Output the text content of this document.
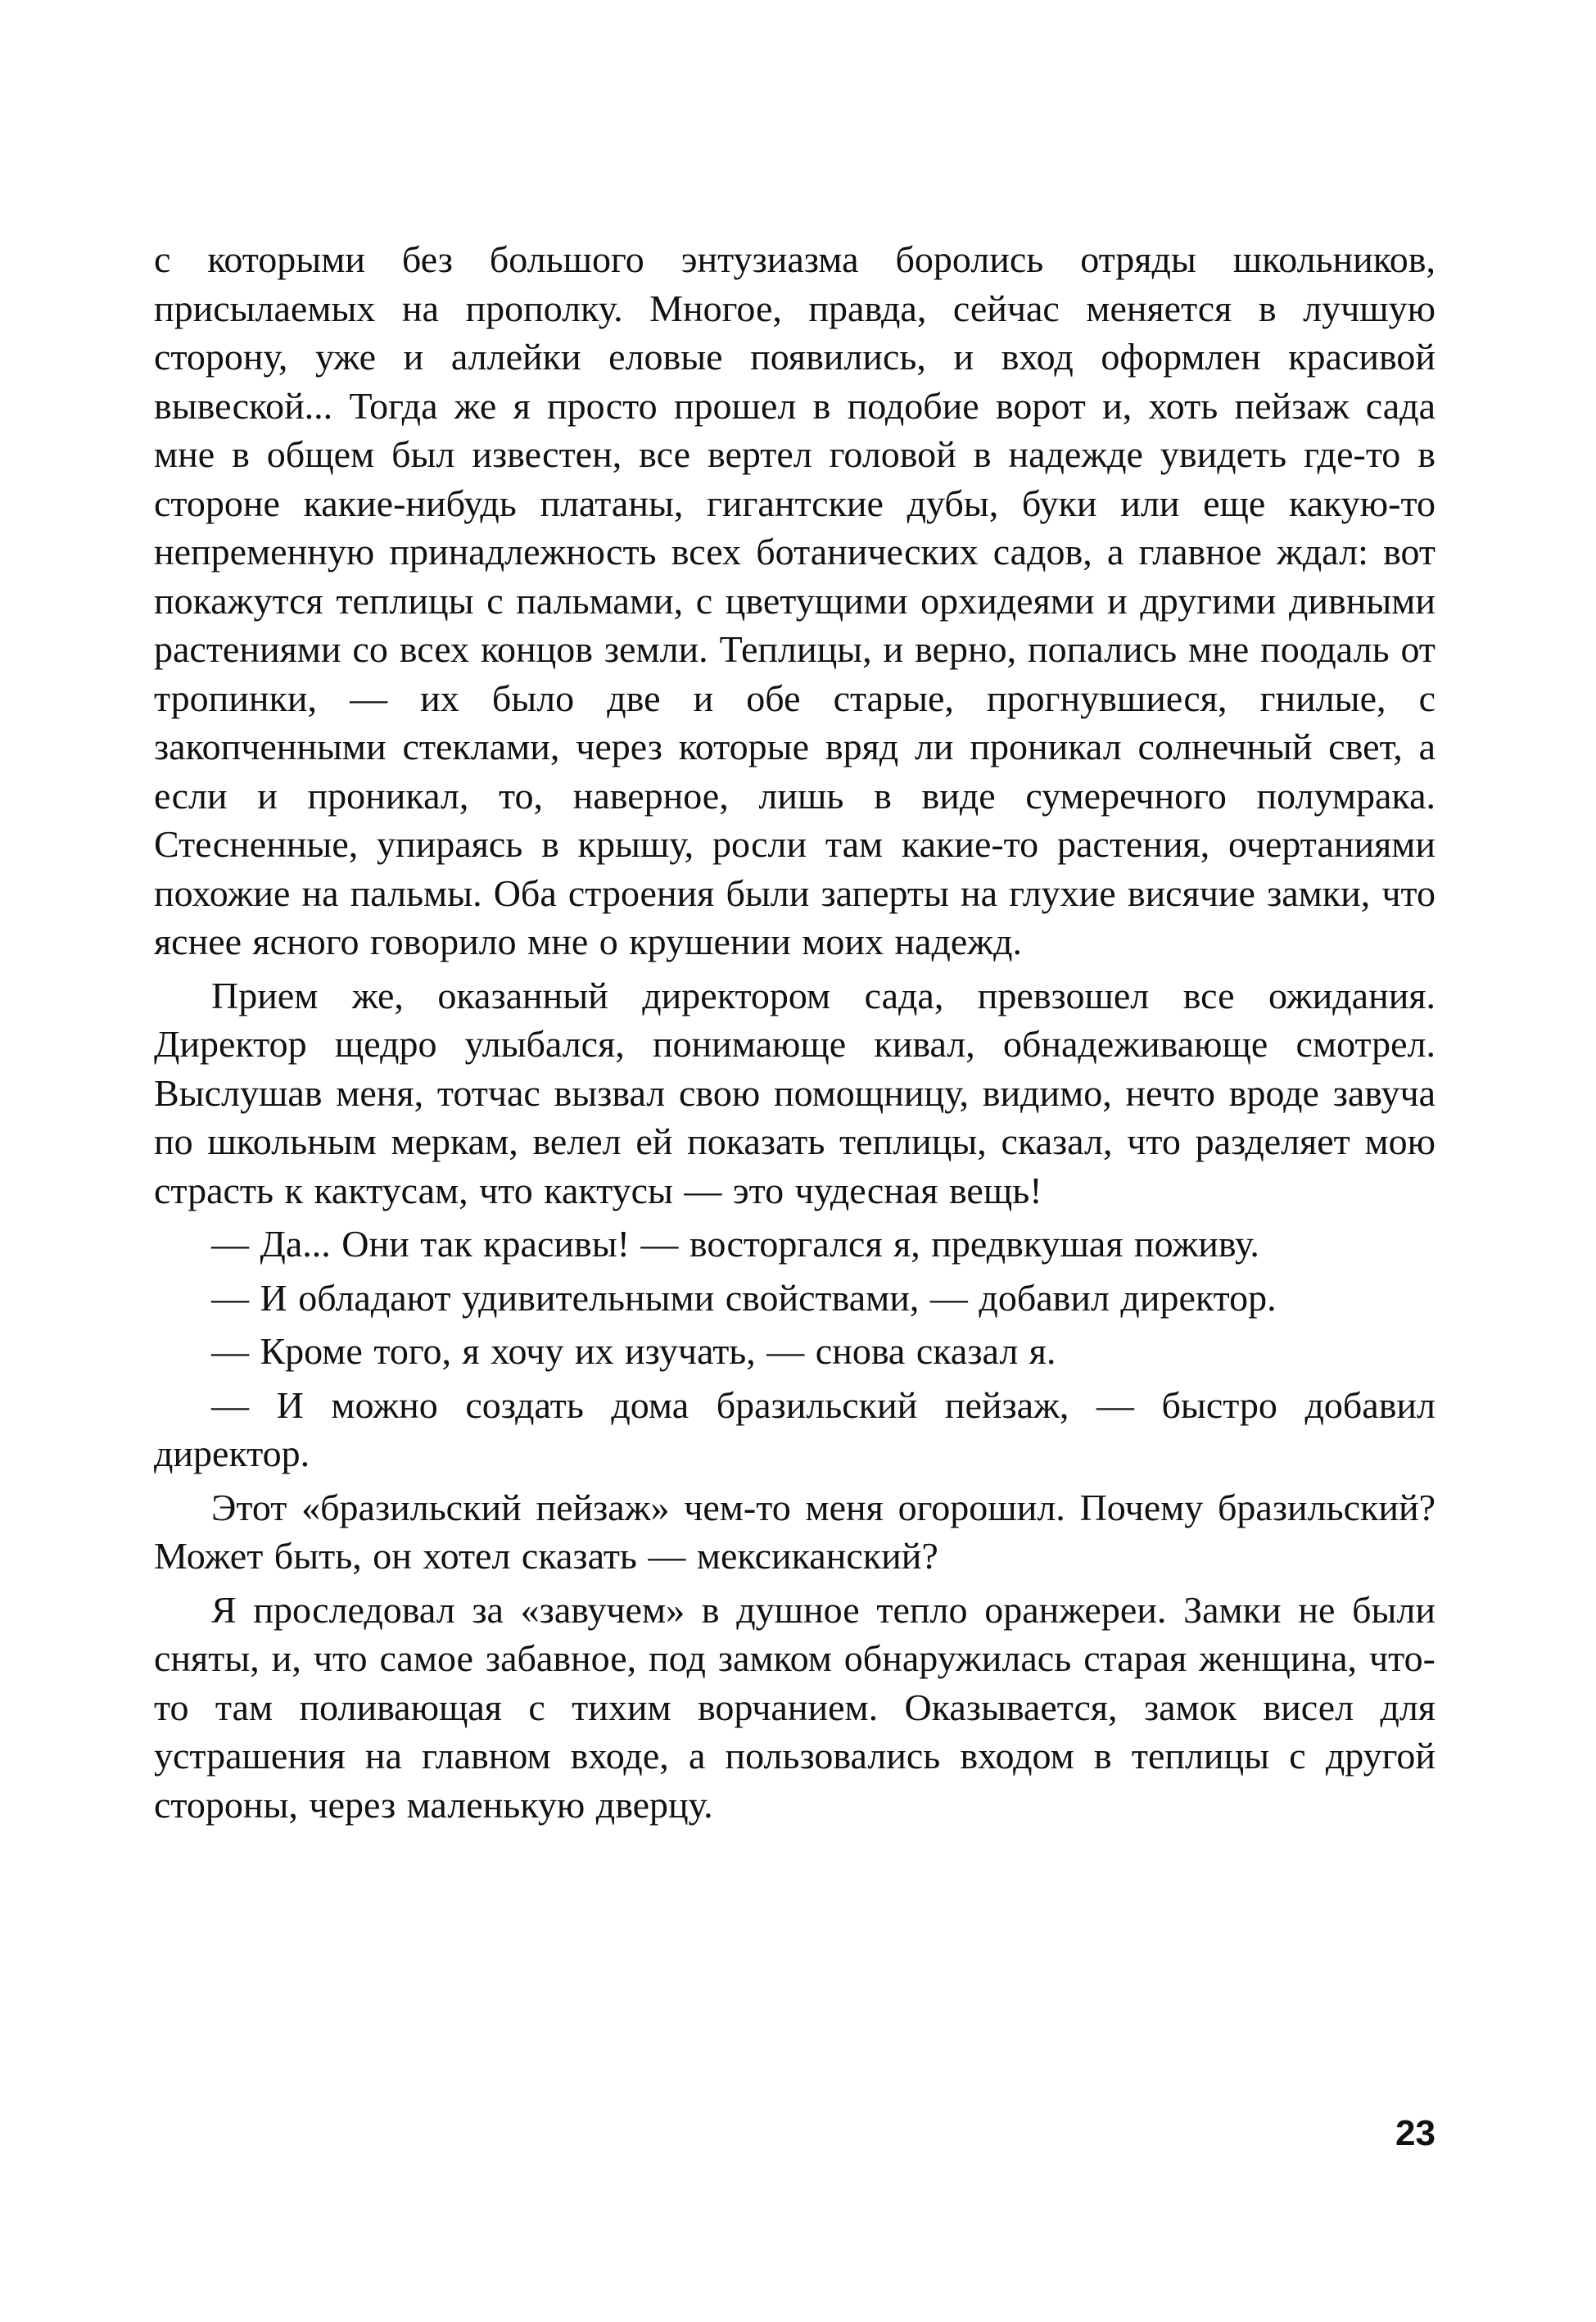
с которыми без большого энтузиазма боролись отряды школьников, присылаемых на прополку. Многое, правда, сейчас меняется в лучшую сторону, уже и аллейки еловые появились, и вход оформлен красивой вывеской... Тогда же я просто прошел в подобие ворот и, хоть пейзаж сада мне в общем был известен, все вертел головой в надежде увидеть где-то в стороне какие-нибудь платаны, гигантские дубы, буки или еще какую-то непременную принадлежность всех ботанических садов, а главное ждал: вот покажутся теплицы с пальмами, с цветущими орхидеями и другими дивными растениями со всех концов земли. Теплицы, и верно, попались мне поодаль от тропинки, — их было две и обе старые, прогнувшиеся, гнилые, с закопченными стеклами, через которые вряд ли проникал солнечный свет, а если и проникал, то, наверное, лишь в виде сумеречного полумрака. Стесненные, упираясь в крышу, росли там какие-то растения, очертаниями похожие на пальмы. Оба строения были заперты на глухие висячие замки, что яснее ясного говорило мне о крушении моих надежд.

Прием же, оказанный директором сада, превзошел все ожидания. Директор щедро улыбался, понимающе кивал, обнадеживающе смотрел. Выслушав меня, тотчас вызвал свою помощницу, видимо, нечто вроде завуча по школьным меркам, велел ей показать теплицы, сказал, что разделяет мою страсть к кактусам, что кактусы — это чудесная вещь!

— Да... Они так красивы! — восторгался я, предвкушая поживу.

— И обладают удивительными свойствами, — добавил директор.

— Кроме того, я хочу их изучать, — снова сказал я.

— И можно создать дома бразильский пейзаж, — быстро добавил директор.

Этот «бразильский пейзаж» чем-то меня огорошил. Почему бразильский? Может быть, он хотел сказать — мексиканский?

Я проследовал за «завучем» в душное тепло оранжереи. Замки не были сняты, и, что самое забавное, под замком обнаружилась старая женщина, что-то там поливающая с тихим ворчанием. Оказывается, замок висел для устрашения на главном входе, а пользовались входом в теплицы с другой стороны, через маленькую дверцу.

23
